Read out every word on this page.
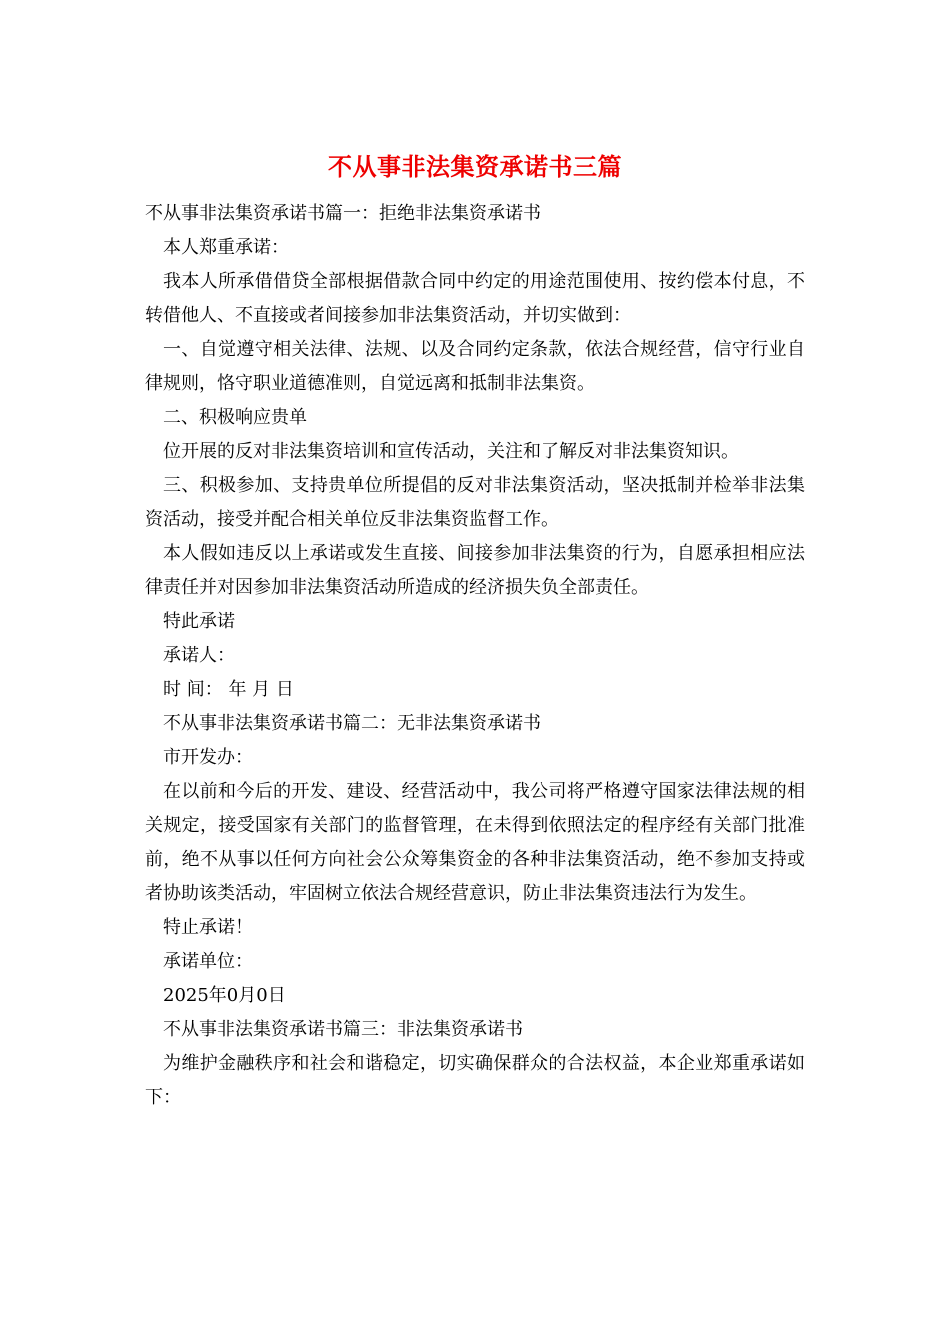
不从事非法集资承诺书三篇

不从事非法集资承诺书篇一：拒绝非法集资承诺书

本人郑重承诺：

我本人所承借借贷全部根据借款合同中约定的用途范围使用、按约偿本付息，不转借他人、不直接或者间接参加非法集资活动，并切实做到：

一、自觉遵守相关法律、法规、以及合同约定条款，依法合规经营，信守行业自律规则，恪守职业道德准则，自觉远离和抵制非法集资。

二、积极响应贵单

位开展的反对非法集资培训和宣传活动，关注和了解反对非法集资知识。

三、积极参加、支持贵单位所提倡的反对非法集资活动，坚决抵制并检举非法集资活动，接受并配合相关单位反非法集资监督工作。

本人假如违反以上承诺或发生直接、间接参加非法集资的行为，自愿承担相应法律责任并对因参加非法集资活动所造成的经济损失负全部责任。

特此承诺

承诺人：

时 间： 年 月 日

不从事非法集资承诺书篇二：无非法集资承诺书

市开发办：

在以前和今后的开发、建设、经营活动中，我公司将严格遵守国家法律法规的相关规定，接受国家有关部门的监督管理，在未得到依照法定的程序经有关部门批准前，绝不从事以任何方向社会公众筹集资金的各种非法集资活动，绝不参加支持或者协助该类活动，牢固树立依法合规经营意识，防止非法集资违法行为发生。

特止承诺！

承诺单位：

2025年0月0日

不从事非法集资承诺书篇三：非法集资承诺书

为维护金融秩序和社会和谐稳定，切实确保群众的合法权益，本企业郑重承诺如下：
